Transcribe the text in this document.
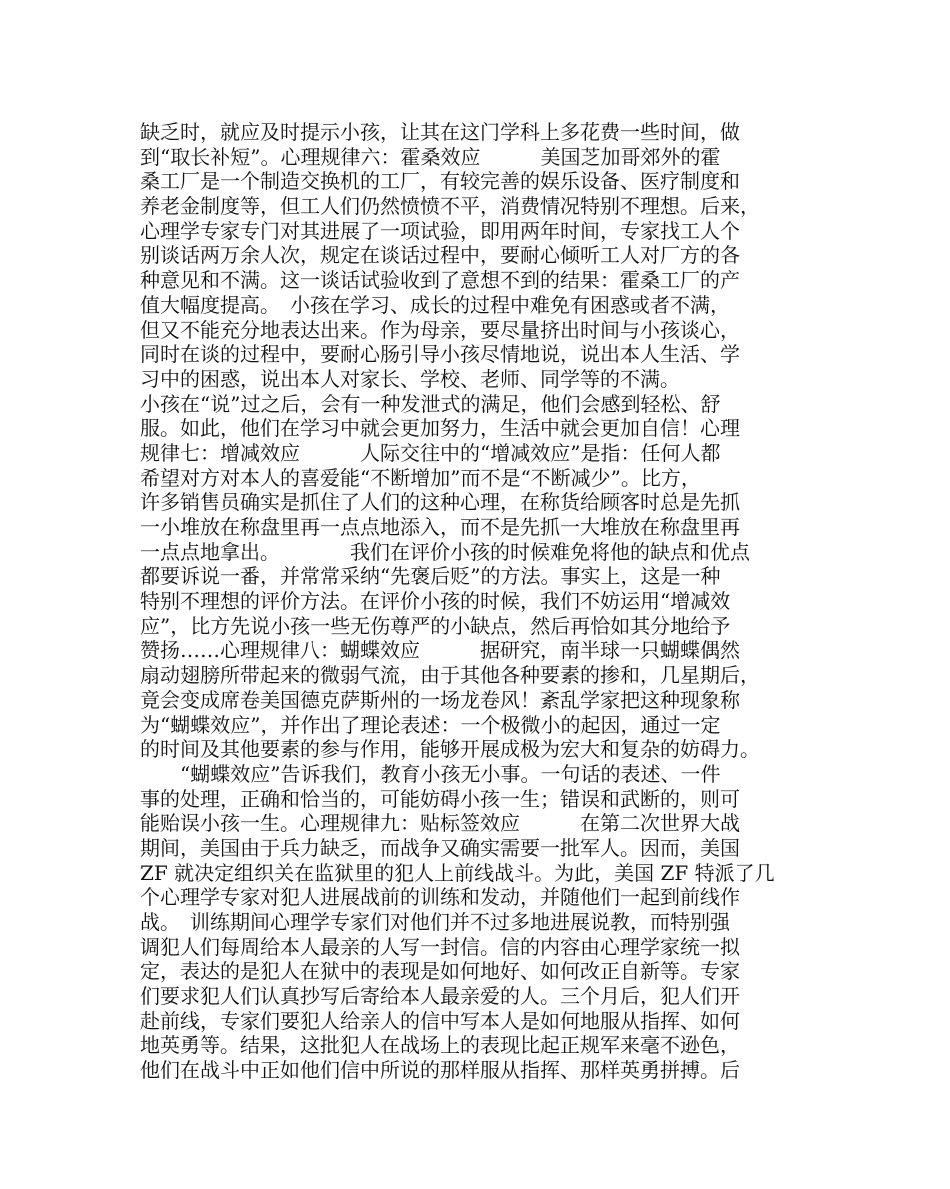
缺乏时，就应及时提示小孩，让其在这门学科上多花费一些时间，做
到“取长补短”。心理规律六：霍桑效应　　　美国芝加哥郊外的霍
桑工厂是一个制造交换机的工厂，有较完善的娱乐设备、医疗制度和
养老金制度等，但工人们仍然愤愤不平，消费情况特别不理想。后来，
心理学专家专门对其进展了一项试验，即用两年时间，专家找工人个
别谈话两万余人次，规定在谈话过程中，要耐心倾听工人对厂方的各
种意见和不满。这一谈话试验收到了意想不到的结果：霍桑工厂的产
值大幅度提高。　小孩在学习、成长的过程中难免有困惑或者不满，
但又不能充分地表达出来。作为母亲，要尽量挤出时间与小孩谈心，
同时在谈的过程中，要耐心肠引导小孩尽情地说，说出本人生活、学
习中的困惑，说出本人对家长、学校、老师、同学等的不满。
小孩在“说”过之后，会有一种发泄式的满足，他们会感到轻松、舒
服。如此，他们在学习中就会更加努力，生活中就会更加自信！心理
规律七：增减效应　　　人际交往中的“增减效应”是指：任何人都
希望对方对本人的喜爱能“不断增加”而不是“不断减少”。比方，
许多销售员确实是抓住了人们的这种心理，在称货给顾客时总是先抓
一小堆放在称盘里再一点点地添入，而不是先抓一大堆放在称盘里再
一点点地拿出。　　　　我们在评价小孩的时候难免将他的缺点和优点
都要诉说一番，并常常采纳“先褒后贬”的方法。事实上，这是一种
特别不理想的评价方法。在评价小孩的时候，我们不妨运用“增减效
应”，比方先说小孩一些无伤尊严的小缺点，然后再恰如其分地给予
赞扬……心理规律八：蝴蝶效应　　　据研究，南半球一只蝴蝶偶然
扇动翅膀所带起来的微弱气流，由于其他各种要素的掺和，几星期后，
竟会变成席卷美国德克萨斯州的一场龙卷风！紊乱学家把这种现象称
为“蝴蝶效应”，并作出了理论表述：一个极微小的起因，通过一定
的时间及其他要素的参与作用，能够开展成极为宏大和复杂的妨碍力。
　　“蝴蝶效应”告诉我们，教育小孩无小事。一句话的表述、一件
事的处理，正确和恰当的，可能妨碍小孩一生；错误和武断的，则可
能贻误小孩一生。心理规律九：贴标签效应　　　在第二次世界大战
期间，美国由于兵力缺乏，而战争又确实需要一批军人。因而，美国
ZF 就决定组织关在监狱里的犯人上前线战斗。为此，美国 ZF 特派了几
个心理学专家对犯人进展战前的训练和发动，并随他们一起到前线作
战。　训练期间心理学专家们对他们并不过多地进展说教，而特别强
调犯人们每周给本人最亲的人写一封信。信的内容由心理学家统一拟
定，表达的是犯人在狱中的表现是如何地好、如何改正自新等。专家
们要求犯人们认真抄写后寄给本人最亲爱的人。三个月后，犯人们开
赴前线，专家们要犯人给亲人的信中写本人是如何地服从指挥、如何
地英勇等。结果，这批犯人在战场上的表现比起正规军来毫不逊色，
他们在战斗中正如他们信中所说的那样服从指挥、那样英勇拼搏。后
